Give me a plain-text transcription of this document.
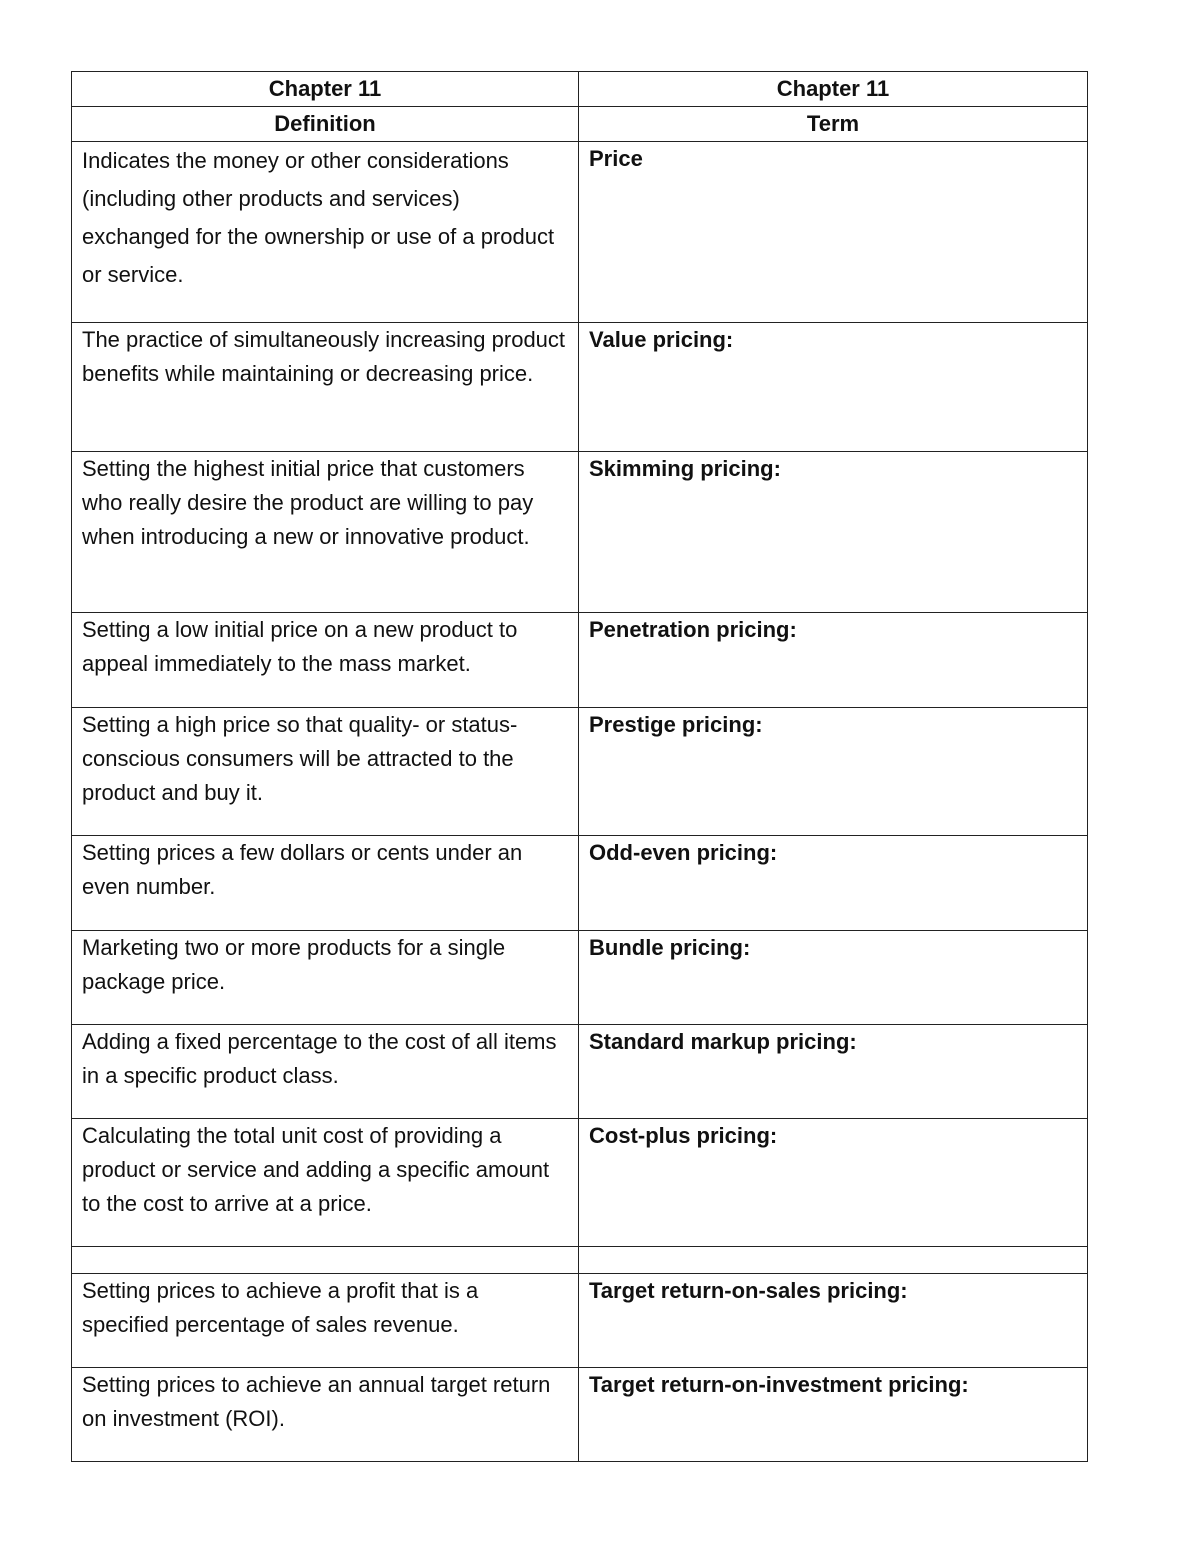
Chapter 11	Chapter 11
Definition	Term
Indicates the money or other considerations (including other products and services) exchanged for the ownership or use of a product or service.	Price
The practice of simultaneously increasing product benefits while maintaining or decreasing price.	Value pricing:
Setting the highest initial price that customers who really desire the product are willing to pay when introducing a new or innovative product.	Skimming pricing:
Setting a low initial price on a new product to appeal immediately to the mass market.	Penetration pricing:
Setting a high price so that quality- or status-conscious consumers will be attracted to the product and buy it.	Prestige pricing:
Setting prices a few dollars or cents under an even number.	Odd-even pricing:
Marketing two or more products for a single package price.	Bundle pricing:
Adding a fixed percentage to the cost of all items in a specific product class.	Standard markup pricing:
Calculating the total unit cost of providing a product or service and adding a specific amount to the cost to arrive at a price.	Cost-plus pricing:

Setting prices to achieve a profit that is a specified percentage of sales revenue.	Target return-on-sales pricing:
Setting prices to achieve an annual target return on investment (ROI).	Target return-on-investment pricing:
